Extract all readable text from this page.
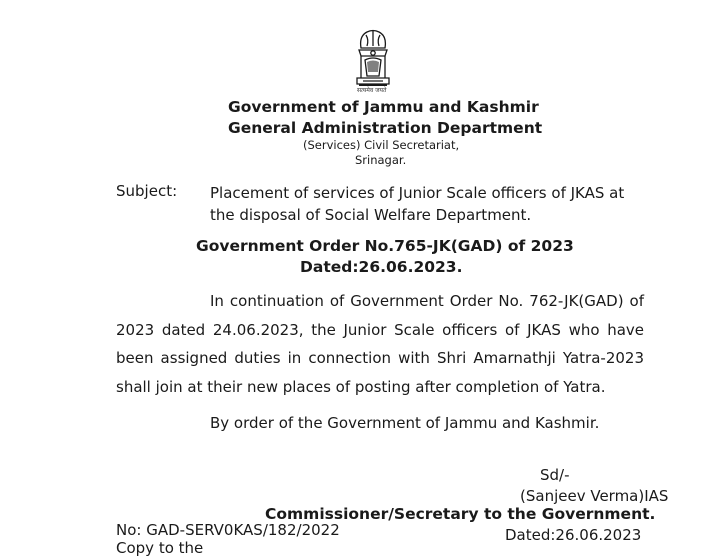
सत्यमेव जयते
Government of Jammu and Kashmir
General Administration Department
(Services) Civil Secretariat,
Srinagar.
Subject: Placement of services of Junior Scale officers of JKAS at
the disposal of Social Welfare Department.
Government Order No.765-JK(GAD) of 2023
Dated:26.06.2023.
In continuation of Government Order No. 762-JK(GAD) of
2023 dated 24.06.2023, the Junior Scale officers of JKAS who have
been assigned duties in connection with Shri Amarnathji Yatra-2023
shall join at their new places of posting after completion of Yatra.
By order of the Government of Jammu and Kashmir.
Sd/-
(Sanjeev Verma)IAS
Commissioner/Secretary to the Government.
No: GAD-SERV0KAS/182/2022	Dated:26.06.2023
Copy to the
